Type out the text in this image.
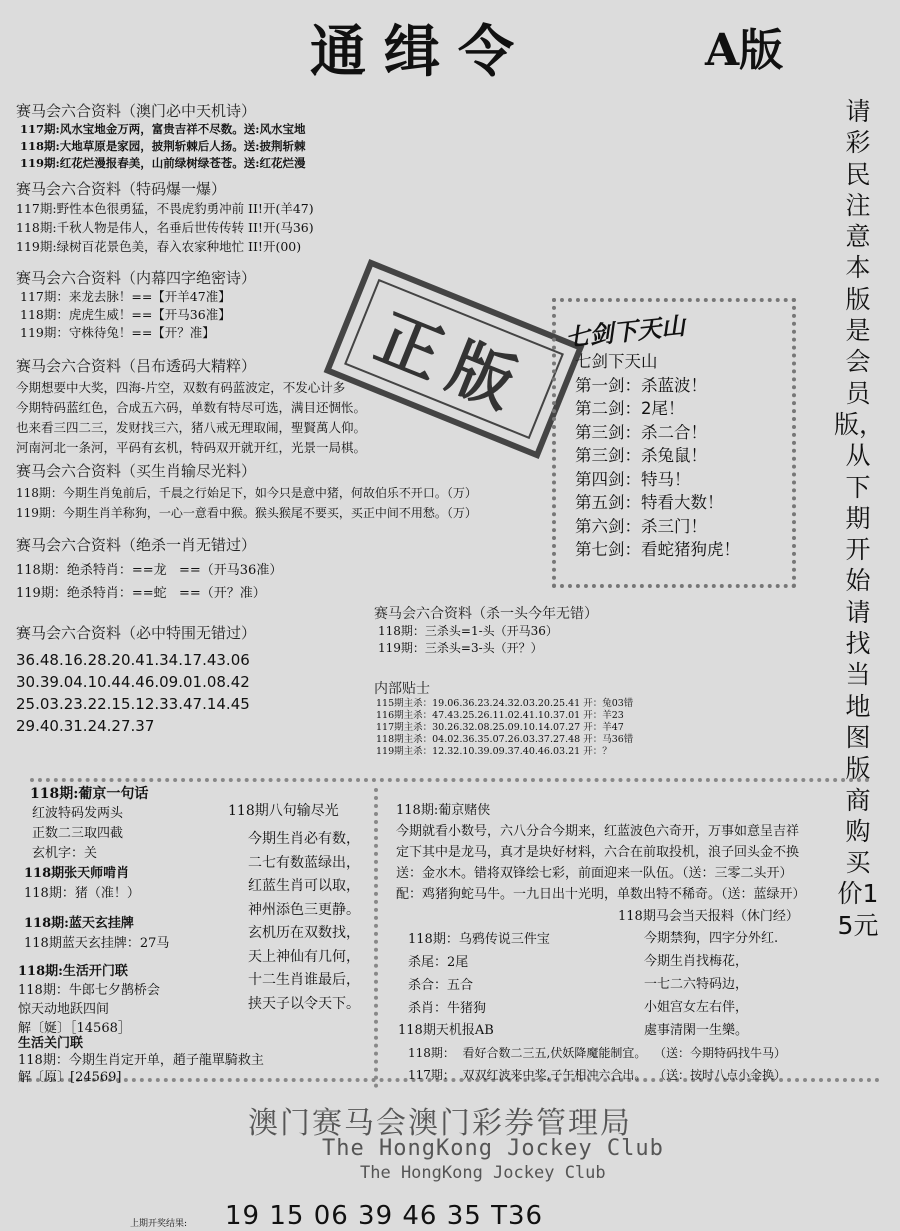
通缉令	A版
请彩民注意本版是会员版，从下期开始请找当地图版商购买价15元
赛马会六合资料（澳门必中天机诗）
117期:风水宝地金万两，富贵吉祥不尽数。送:风水宝地
118期:大地草原是家园，披荆斩棘后人扬。送:披荆斩棘
119期:红花烂漫报春美，山前绿树绿苍苍。送:红花烂漫
赛马会六合资料（特码爆一爆）
117期:野性本色很勇猛，不畏虎豹勇冲前 II!开(羊47)
118期:千秋人物是伟人，名垂后世传传转 II!开(马36)
119期:绿树百花景色美，春入农家种地忙 II!开(00)
赛马会六合资料（内幕四字绝密诗）
117期：来龙去脉！==【开羊47准】
118期：虎虎生威！==【开马36准】
119期：守株待兔！==【开？准】
赛马会六合资料（吕布透码大精粹）
今期想要中大奖，四海-片空，双数有码蓝波定，不发心计多
今期特码蓝红色，合成五六码，单数有特尽可选，满目还惆怅。
也来看三四二三，发财找三六，猪八戒无理取闹，聖賢萬人仰。
河南河北一条河，平码有玄机，特码双开就开红，光景一局棋。
正版
赛马会六合资料（买生肖输尽光料）
118期：今期生肖兔前后，千晨之行始足下，如今只是意中猪，何故伯乐不开口。（万）
119期：今期生肖羊称狗，一心一意看中猴。猴头猴尾不要买，买正中间不用愁。（万）
赛马会六合资料（绝杀一肖无错过）
118期：绝杀特肖：==龙   ==（开马36准）
119期：绝杀特肖：==蛇   ==（开？准）
赛马会六合资料（必中特围无错过）
36.48.16.28.20.41.34.17.43.06
30.39.04.10.44.46.09.01.08.42
25.03.23.22.15.12.33.47.14.45
29.40.31.24.27.37
七剑下天山
七剑下天山
第一剑：杀蓝波！
第二剑：2尾！
第三剑：杀二合！
第三剑：杀兔鼠！
第四剑：特马！
第五剑：特看大数！
第六剑：杀三门！
第七剑：看蛇猪狗虎！
赛马会六合资料（杀一头今年无错）
118期：三杀头=1-头（开马36）
119期：三杀头=3-头（开？）
内部贴士
115期主杀：19.06.36.23.24.32.03.20.25.41 开：兔03错
116期主杀：47.43.25.26.11.02.41.10.37.01 开：羊23
117期主杀：30.26.32.08.25.09.10.14.07.27 开：羊47
118期主杀：04.02.36.35.07.26.03.37.27.48 开：马36错
119期主杀：12.32.10.39.09.37.40.46.03.21 开：？
118期:葡京一句话
红波特码发两头
正数二三取四截
玄机字：关
118期张天师啃肖
118期：猪（准！）
118期:蓝天玄挂牌
118期蓝天玄挂牌：27马
118期:生活开门联
118期：牛郎七夕鹊桥会
惊天动地跃四间
解〔娫〕［14568］
生活关门联
118期：今期生肖定开单，趙子龍單騎救主
解〔原〕[24569]
118期八句输尽光
今期生肖必有数，
二七有数蓝绿出，
红蓝生肖可以取，
神州添色三更静。
玄机历在双数找，
天上神仙有几何，
十二生肖谁最后，
挟天子以令天下。
118期:葡京赌侠
今期就看小数号，六八分合今期来，红蓝波色六奇开，万事如意呈吉祥
定下其中是龙马，真才是块好材料，六合在前取投机，浪子回头金不换
送：金水木。错将双锋绘七彩，前面迎来一队伍。（送：三零二头开）
配：鸡猪狗蛇马牛。一九日出十光明，单数出特不稀奇。（送：蓝绿开）
118期马会当天报料（休门经）
今期禁狗，四字分外红.
今期生肖找梅花，
一七二六特码边，
小姐宫女左右伴，
處事清閑一生樂。
118期：乌鸦传说三件宝
杀尾：2尾
杀合：五合
杀肖：牛猪狗
118期天机报AB
118期：  看好合数二三五,伏妖降魔能制宜。  （送：今期特码找牛马）
117期：  双双红波来中奖,子午相冲六合出。  （送：按时八点小金换）
澳门赛马会澳门彩券管理局
The HongKong Jockey Club
The HongKong Jockey Club
上期开奖结果: 19 15 06 39 46 35 T36
